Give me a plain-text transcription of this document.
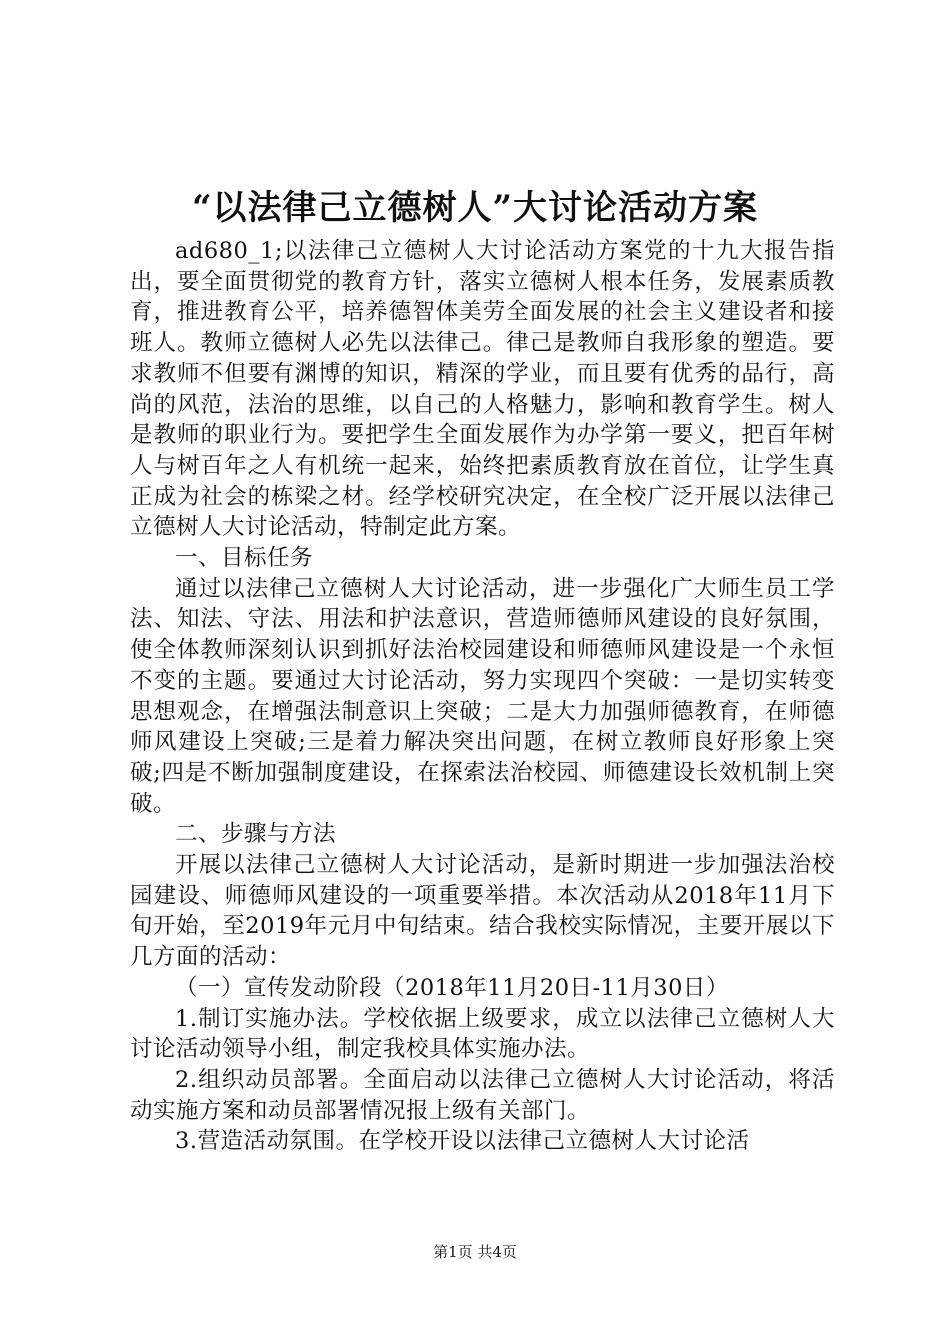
“以法律己立德树人”大讨论活动方案

ad680_1;以法律己立德树人大讨论活动方案党的十九大报告指出，要全面贯彻党的教育方针，落实立德树人根本任务，发展素质教育，推进教育公平，培养德智体美劳全面发展的社会主义建设者和接班人。教师立德树人必先以法律己。律己是教师自我形象的塑造。要求教师不但要有渊博的知识，精深的学业，而且要有优秀的品行，高尚的风范，法治的思维，以自己的人格魅力，影响和教育学生。树人是教师的职业行为。要把学生全面发展作为办学第一要义，把百年树人与树百年之人有机统一起来，始终把素质教育放在首位，让学生真正成为社会的栋梁之材。经学校研究决定，在全校广泛开展以法律己立德树人大讨论活动，特制定此方案。

一、目标任务

通过以法律己立德树人大讨论活动，进一步强化广大师生员工学法、知法、守法、用法和护法意识，营造师德师风建设的良好氛围，使全体教师深刻认识到抓好法治校园建设和师德师风建设是一个永恒不变的主题。要通过大讨论活动，努力实现四个突破：一是切实转变思想观念，在增强法制意识上突破；二是大力加强师德教育，在师德师风建设上突破;三是着力解决突出问题，在树立教师良好形象上突破;四是不断加强制度建设，在探索法治校园、师德建设长效机制上突破。

二、步骤与方法

开展以法律己立德树人大讨论活动，是新时期进一步加强法治校园建设、师德师风建设的一项重要举措。本次活动从2018年11月下旬开始，至2019年元月中旬结束。结合我校实际情况，主要开展以下几方面的活动：

（一）宣传发动阶段（2018年11月20日-11月30日）

1.制订实施办法。学校依据上级要求，成立以法律己立德树人大讨论活动领导小组，制定我校具体实施办法。

2.组织动员部署。全面启动以法律己立德树人大讨论活动，将活动实施方案和动员部署情况报上级有关部门。

3.营造活动氛围。在学校开设以法律己立德树人大讨论活

第1页 共4页
